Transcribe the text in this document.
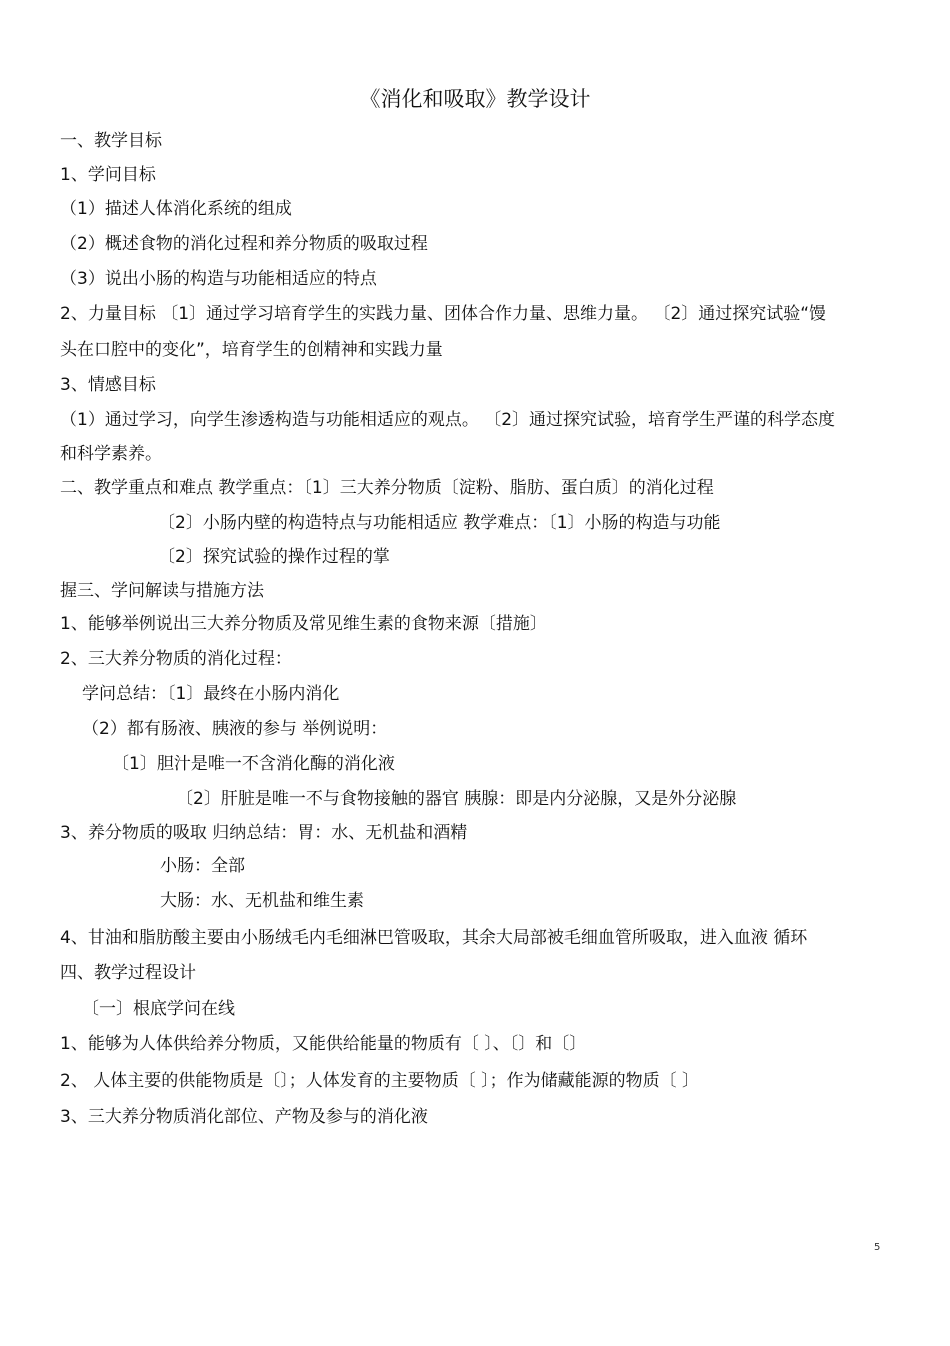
《消化和吸取》教学设计
一、教学目标
1、学问目标
（1）描述人体消化系统的组成
（2）概述食物的消化过程和养分物质的吸取过程
（3）说出小肠的构造与功能相适应的特点
2、力量目标 〔1〕通过学习培育学生的实践力量、团体合作力量、思维力量。 〔2〕通过探究试验“馒
头在口腔中的变化”，培育学生的创精神和实践力量
3、情感目标
（1）通过学习，向学生渗透构造与功能相适应的观点。 〔2〕通过探究试验，培育学生严谨的科学态度
和科学素养。
二、教学重点和难点 教学重点：〔1〕三大养分物质〔淀粉、脂肪、蛋白质〕的消化过程
〔2〕小肠内壁的构造特点与功能相适应 教学难点：〔1〕小肠的构造与功能
〔2〕探究试验的操作过程的掌
握三、学问解读与措施方法
1、能够举例说出三大养分物质及常见维生素的食物来源〔措施〕
2、三大养分物质的消化过程：
学问总结：〔1〕最终在小肠内消化
（2）都有肠液、胰液的参与 举例说明：
〔1〕胆汁是唯一不含消化酶的消化液
〔2〕肝脏是唯一不与食物接触的器官 胰腺：即是内分泌腺，又是外分泌腺
3、养分物质的吸取 归纳总结：胃：水、无机盐和酒精
小肠：全部
大肠：水、无机盐和维生素
4、甘油和脂肪酸主要由小肠绒毛内毛细淋巴管吸取，其余大局部被毛细血管所吸取，进入血液 循环
四、教学过程设计
〔一〕根底学问在线
1、能够为人体供给养分物质，又能供给能量的物质有〔 〕、〔〕和〔〕
2、 人体主要的供能物质是〔〕；人体发育的主要物质〔 〕；作为储藏能源的物质〔 〕
3、三大养分物质消化部位、产物及参与的消化液
5
